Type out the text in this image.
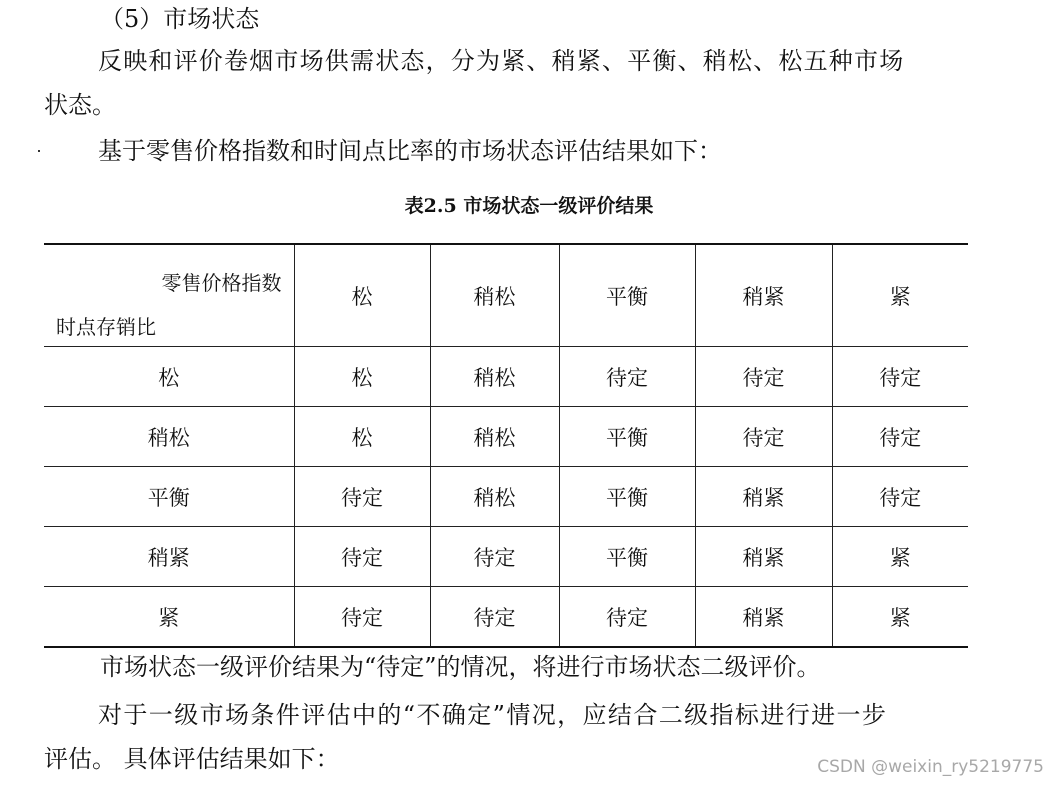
（5）市场状态
反映和评价卷烟市场供需状态，分为紧、稍紧、平衡、稍松、松五种市场
状态。
基于零售价格指数和时间点比率的市场状态评估结果如下：
表2.5 市场状态一级评价结果
零售价格指数
时点存销比	松	稍松	平衡	稍紧	紧
松	松	稍松	待定	待定	待定
稍松	松	稍松	平衡	待定	待定
平衡	待定	稍松	平衡	稍紧	待定
稍紧	待定	待定	平衡	稍紧	紧
紧	待定	待定	待定	稍紧	紧
市场状态一级评价结果为“待定”的情况，将进行市场状态二级评价。
对于一级市场条件评估中的“不确定”情况，应结合二级指标进行进一步
评估。 具体评估结果如下：	CSDN @weixin_ry5219775
